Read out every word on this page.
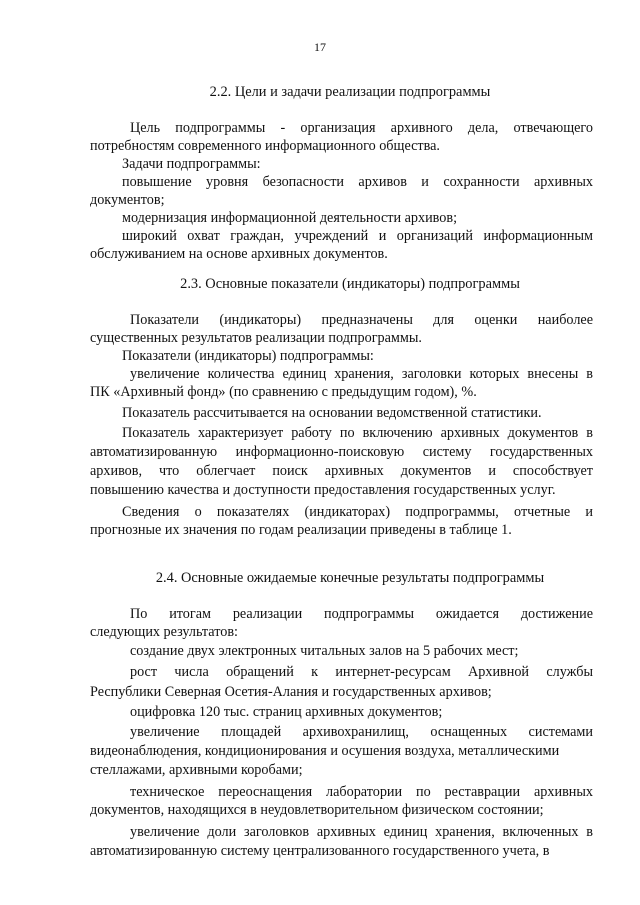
17
2.2. Цели и задачи реализации подпрограммы
Цель подпрограммы - организация архивного дела, отвечающего
потребностям современного информационного общества.
Задачи подпрограммы:
повышение уровня безопасности архивов и сохранности архивных
документов;
модернизация информационной деятельности архивов;
широкий охват граждан, учреждений и организаций информационным
обслуживанием на основе архивных документов.
2.3. Основные показатели (индикаторы) подпрограммы
Показатели (индикаторы) предназначены для оценки наиболее
существенных результатов реализации подпрограммы.
Показатели (индикаторы) подпрограммы:
увеличение количества единиц хранения, заголовки которых внесены в
ПК «Архивный фонд» (по сравнению с предыдущим годом), %.
Показатель рассчитывается на основании ведомственной статистики.
Показатель характеризует работу по включению архивных документов в
автоматизированную информационно-поисковую систему государственных
архивов, что облегчает поиск архивных документов и способствует
повышению качества и доступности предоставления государственных услуг.
Сведения о показателях (индикаторах) подпрограммы, отчетные и
прогнозные их значения по годам реализации приведены в таблице 1.
2.4. Основные ожидаемые конечные результаты подпрограммы
По итогам реализации подпрограммы ожидается достижение
следующих результатов:
создание двух электронных читальных залов на 5 рабочих мест;
рост числа обращений к интернет-ресурсам Архивной службы
Республики Северная Осетия-Алания и государственных архивов;
оцифровка 120 тыс. страниц архивных документов;
увеличение площадей архивохранилищ, оснащенных системами
видеонаблюдения, кондиционирования и осушения воздуха, металлическими
стеллажами, архивными коробами;
техническое переоснащения лаборатории по реставрации архивных
документов, находящихся в неудовлетворительном физическом состоянии;
увеличение доли заголовков архивных единиц хранения, включенных в
автоматизированную систему централизованного государственного учета, в
